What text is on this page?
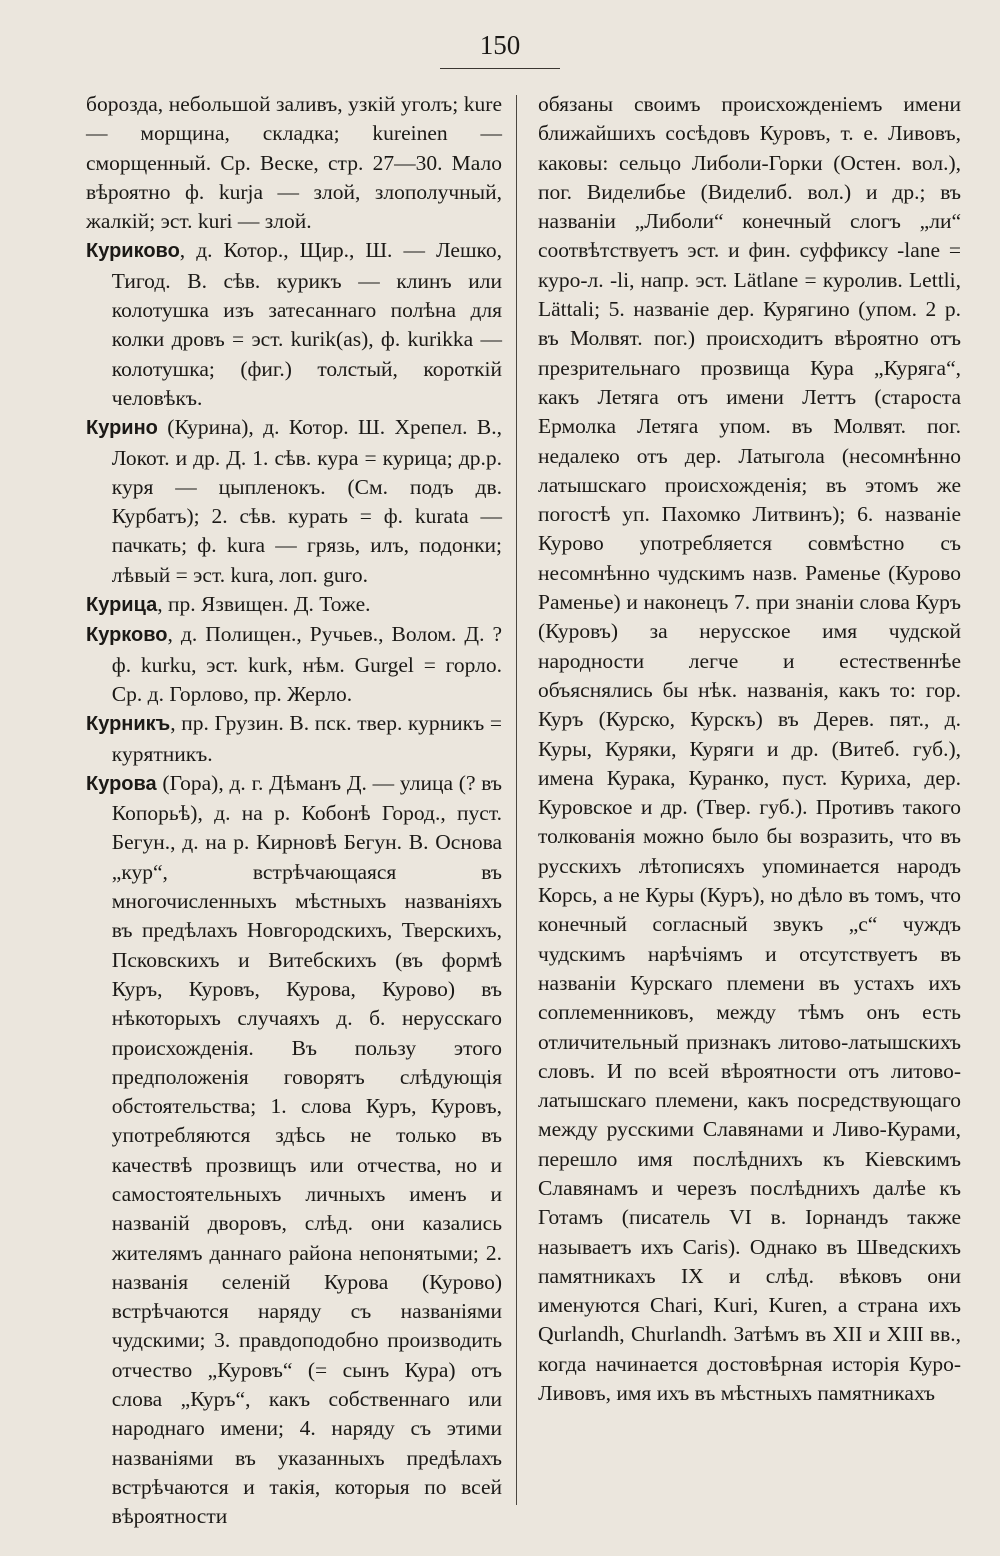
150

борозда, небольшой заливъ, узкій уголъ; kure — морщина, складка; kureinen — сморщенный. Ср. Веске, стр. 27—30. Мало вѣроятно ф. kurja — злой, злополучный, жалкій; эст. kuri — злой.

Куриково, д. Котор., Щир., Ш. — Лешко, Тигод. В. сѣв. курикъ — клинъ или колотушка изъ затесаннаго полѣна для колки дровъ = эст. kurik(as), ф. kurikka — колотушка; (фиг.) толстый, короткій человѣкъ.

Курино (Курина), д. Котор. Ш. Хрепел. В., Локот. и др. Д. 1. сѣв. кура = курица; др.р. куря — цыпленокъ. (См. подъ дв. Курбатъ); 2. сѣв. курать = ф. kurata — пачкать; ф. kura — грязь, илъ, подонки; лѣвый = эст. kura, лоп. guro.

Курица, пр. Язвищен. Д. Тоже.

Курково, д. Полищен., Ручьев., Волом. Д. ? ф. kurku, эст. kurk, нѣм. Gurgel = горло. Ср. д. Горлово, пр. Жерло.

Курникъ, пр. Грузин. В. пск. твер. курникъ = курятникъ.

Курова (Гора), д. г. Дѣманъ Д. — улица (? въ Копорьѣ), д. на р. Кобонѣ Город., пуст. Бегун., д. на р. Кирновѣ Бегун. В. Основа „кур“, встрѣчающаяся въ многочисленныхъ мѣстныхъ названіяхъ въ предѣлахъ Новгородскихъ, Тверскихъ, Псковскихъ и Витебскихъ (въ формѣ Куръ, Куровъ, Курова, Курово) въ нѣкоторыхъ случаяхъ д. б. нерусскаго происхожденія. Въ пользу этого предположенія говорятъ слѣдующія обстоятельства; 1. слова Куръ, Куровъ, употребляются здѣсь не только въ качествѣ прозвищъ или отчества, но и самостоятельныхъ личныхъ именъ и названій дворовъ, слѣд. они казались жителямъ даннаго района непонятыми; 2. названія селеній Курова (Курово) встрѣчаются наряду съ названіями чудскими; 3. правдоподобно производить отчество „Куровъ“ (= сынъ Кура) отъ слова „Куръ“, какъ собственнаго или народнаго имени; 4. наряду съ этими названіями въ указанныхъ предѣлахъ встрѣчаются и такія, которыя по всей вѣроятности

обязаны своимъ происхожденіемъ имени ближайшихъ сосѣдовъ Куровъ, т. е. Ливовъ, каковы: сельцо Либоли-Горки (Остен. вол.), пог. Виделибье (Виделиб. вол.) и др.; въ названіи „Либоли“ конечный слогъ „ли“ соотвѣтствуетъ эст. и фин. суффиксу -lane = куро-л. -li, напр. эст. Lätlane = куролив. Lettli, Lättali; 5. названіе дер. Курягино (упом. 2 р. въ Молвят. пог.) происходитъ вѣроятно отъ презрительнаго прозвища Кура „Куряга“, какъ Летяга отъ имени Леттъ (староста Ермолка Летяга упом. въ Молвят. пог. недалеко отъ дер. Латыгола (несомнѣнно латышскаго происхожденія; въ этомъ же погостѣ уп. Пахомко Литвинъ); 6. названіе Курово употребляется совмѣстно съ несомнѣнно чудскимъ назв. Раменье (Курово Раменье) и наконецъ 7. при знаніи слова Куръ (Куровъ) за нерусское имя чудской народности легче и естественнѣе объяснялись бы нѣк. названія, какъ то: гор. Куръ (Курско, Курскъ) въ Дерев. пят., д. Куры, Куряки, Куряги и др. (Витеб. губ.), имена Курака, Куранко, пуст. Куриха, дер. Куровское и др. (Твер. губ.). Противъ такого толкованія можно было бы возразить, что въ русскихъ лѣтописяхъ упоминается народъ Корсь, а не Куры (Куръ), но дѣло въ томъ, что конечный согласный звукъ „с“ чуждъ чудскимъ нарѣчіямъ и отсутствуетъ въ названіи Курскаго племени въ устахъ ихъ соплеменниковъ, между тѣмъ онъ есть отличительный признакъ литово-латышскихъ словъ. И по всей вѣроятности отъ литово-латышскаго племени, какъ посредствующаго между русскими Славянами и Ливо-Курами, перешло имя послѣднихъ къ Кіевскимъ Славянамъ и черезъ послѣднихъ далѣе къ Готамъ (писатель VI в. Іорнандъ также называетъ ихъ Caris). Однако въ Шведскихъ памятникахъ IX и слѣд. вѣковъ они именуются Chari, Kuri, Kuren, а страна ихъ Qurlandh, Churlandh. Затѣмъ въ XII и XIII вв., когда начинается достовѣрная исторія Куро-Ливовъ, имя ихъ въ мѣстныхъ памятникахъ
